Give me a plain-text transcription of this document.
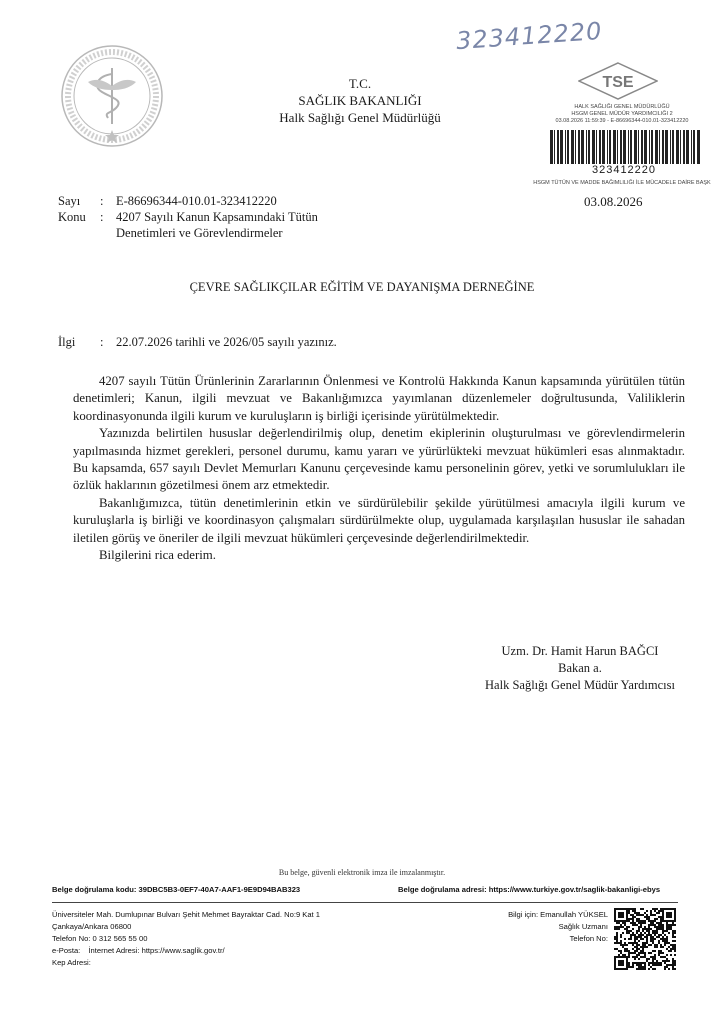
323412220
T.C.
SAĞLIK BAKANLIĞI
Halk Sağlığı Genel Müdürlüğü
TSE
HALK SAĞLIĞI GENEL MÜDÜRLÜĞÜ
HSGM GENEL MÜDÜR YARDIMCILIĞI 2
03.08.2026 11:59:39 - E-86696344-010.01-323412220
323412220
HSGM TÜTÜN VE MADDE BAĞIMLILIĞI İLE MÜCADELE DAİRE BAŞK
03.08.2026
Sayı : E-86696344-010.01-323412220
Konu : 4207 Sayılı Kanun Kapsamındaki Tütün
Denetimleri ve Görevlendirmeler
ÇEVRE SAĞLIKÇILAR EĞİTİM VE DAYANIŞMA DERNEĞİNE
İlgi : 22.07.2026 tarihli ve 2026/05 sayılı yazınız.

4207 sayılı Tütün Ürünlerinin Zararlarının Önlenmesi ve Kontrolü Hakkında Kanun kapsamında yürütülen tütün denetimleri; Kanun, ilgili mevzuat ve Bakanlığımızca yayımlanan düzenlemeler doğrultusunda, Valiliklerin koordinasyonunda ilgili kurum ve kuruluşların iş birliği içerisinde yürütülmektedir.

Yazınızda belirtilen hususlar değerlendirilmiş olup, denetim ekiplerinin oluşturulması ve görevlendirmelerin yapılmasında hizmet gerekleri, personel durumu, kamu yararı ve yürürlükteki mevzuat hükümleri esas alınmaktadır. Bu kapsamda, 657 sayılı Devlet Memurları Kanunu çerçevesinde kamu personelinin görev, yetki ve sorumlulukları ile özlük haklarının gözetilmesi önem arz etmektedir.

Bakanlığımızca, tütün denetimlerinin etkin ve sürdürülebilir şekilde yürütülmesi amacıyla ilgili kurum ve kuruluşlarla iş birliği ve koordinasyon çalışmaları sürdürülmekte olup, uygulamada karşılaşılan hususlar ile sahadan iletilen görüş ve öneriler de ilgili mevzuat hükümleri çerçevesinde değerlendirilmektedir.

Bilgilerini rica ederim.

Uzm. Dr. Hamit Harun BAĞCI
Bakan a.
Halk Sağlığı Genel Müdür Yardımcısı
Bu belge, güvenli elektronik imza ile imzalanmıştır.
Belge doğrulama kodu: 39DBC5B3-0EF7-40A7-AAF1-9E9D94BAB323	Belge doğrulama adresi: https://www.turkiye.gov.tr/saglik-bakanligi-ebys
Üniversiteler Mah. Dumlupınar Bulvarı Şehit Mehmet Bayraktar Cad. No:9 Kat 1
Çankaya/Ankara 06800
Telefon No: 0 312 565 55 00
e-Posta: İnternet Adresi: https://www.saglik.gov.tr/
Kep Adresi:
Bilgi için: Emanullah YÜKSEL
Sağlık Uzmanı
Telefon No:
